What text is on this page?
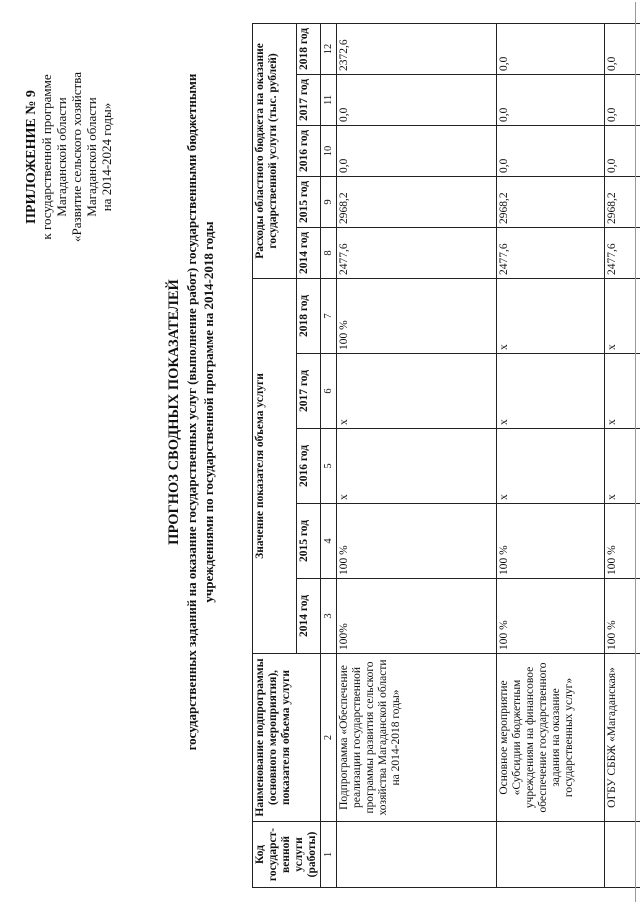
ПРИЛОЖЕНИЕ № 9 к государственной программе Магаданской области «Развитие сельского хозяйства Магаданской области на 2014-2024 годы»
ПРОГНОЗ СВОДНЫХ ПОКАЗАТЕЛЕЙ государственных заданий на оказание государственных услуг (выполнение работ) государственными бюджетными учреждениями по государственной программе на 2014-2018 годы
Код государст-венной услуги (работы)	Наименование подпрограммы (основного мероприятия), показателя объема услуги	Значение показателя объема услуги					Расходы областного бюджета на оказание государственной услуги (тыс. рублей)				
		2014 год	2015 год	2016 год	2017 год	2018 год	2014 год	2015 год	2016 год	2017 год	2018 год
1	2	3	4	5	6	7	8	9	10	11	12
	Подпрограмма «Обеспечение реализации государственной программы развития сельского хозяйства Магаданской области на 2014-2018 годы»	100%	100 %	х	х	100 %	2477,6	2968,2	0,0	0,0	2372,6
	Основное мероприятие «Субсидии бюджетным учреждениям на финансовое обеспечение государственного задания на оказание государственных услуг»	100 %	100 %	х	х	х	2477,6	2968,2	0,0	0,0	0,0
	ОГБУ СББЖ «Магаданская»	100 %	100 %	х	х	х	2477,6	2968,2	0,0	0,0	0,0
